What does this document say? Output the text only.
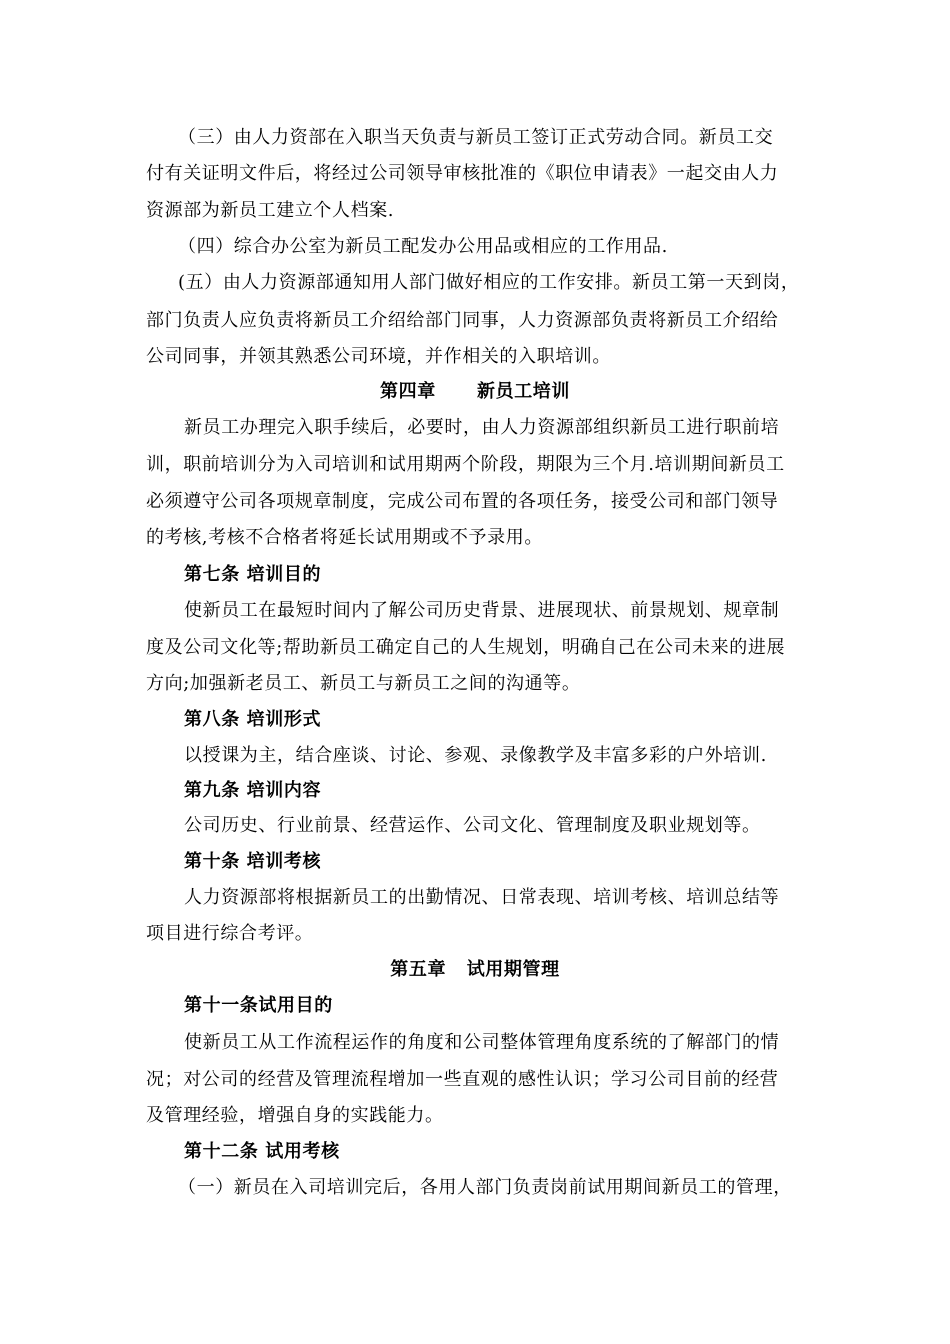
（三）由人力资部在入职当天负责与新员工签订正式劳动合同。新员工交
付有关证明文件后，将经过公司领导审核批准的《职位申请表》一起交由人力
资源部为新员工建立个人档案.
（四）综合办公室为新员工配发办公用品或相应的工作用品.
(五）由人力资源部通知用人部门做好相应的工作安排。新员工第一天到岗，
部门负责人应负责将新员工介绍给部门同事，人力资源部负责将新员工介绍给
公司同事，并领其熟悉公司环境，并作相关的入职培训。
第四章      新员工培训
新员工办理完入职手续后，必要时，由人力资源部组织新员工进行职前培
训，职前培训分为入司培训和试用期两个阶段，期限为三个月.培训期间新员工
必须遵守公司各项规章制度，完成公司布置的各项任务，接受公司和部门领导
的考核,考核不合格者将延长试用期或不予录用。
第七条 培训目的
使新员工在最短时间内了解公司历史背景、进展现状、前景规划、规章制
度及公司文化等;帮助新员工确定自己的人生规划，明确自己在公司未来的进展
方向;加强新老员工、新员工与新员工之间的沟通等。
第八条 培训形式
以授课为主，结合座谈、讨论、参观、录像教学及丰富多彩的户外培训.
第九条 培训内容
公司历史、行业前景、经营运作、公司文化、管理制度及职业规划等。
第十条 培训考核
人力资源部将根据新员工的出勤情况、日常表现、培训考核、培训总结等
项目进行综合考评。
第五章   试用期管理
第十一条试用目的
使新员工从工作流程运作的角度和公司整体管理角度系统的了解部门的情
况；对公司的经营及管理流程增加一些直观的感性认识；学习公司目前的经营
及管理经验，增强自身的实践能力。
第十二条 试用考核
（一）新员在入司培训完后，各用人部门负责岗前试用期间新员工的管理，
